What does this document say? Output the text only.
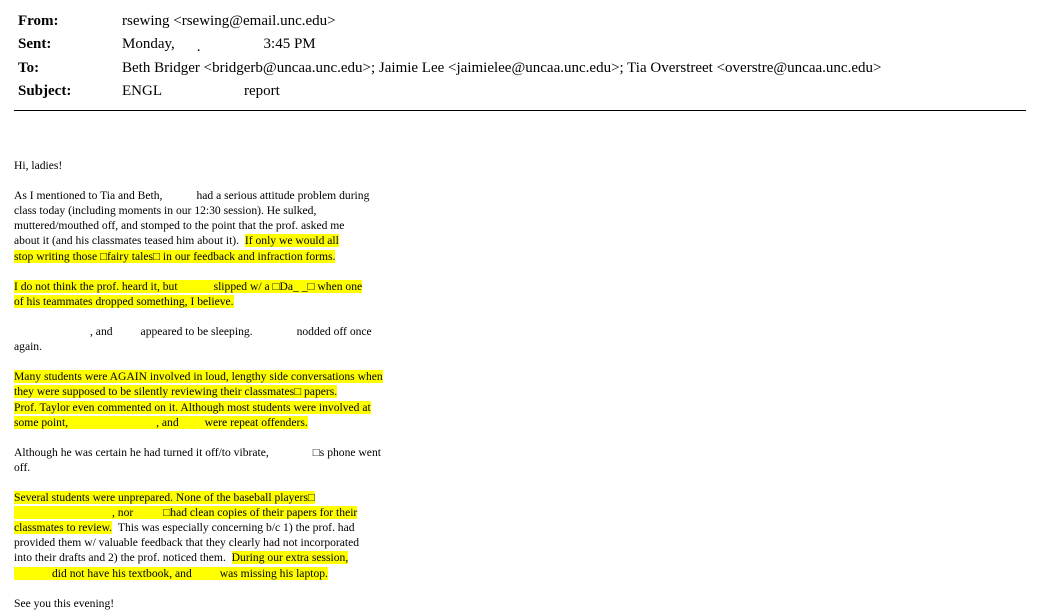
From:	rsewing <rsewing@email.unc.edu>
Sent:	Monday, .	3:45 PM
To:	Beth Bridger <bridgerb@uncaa.unc.edu>; Jaimie Lee <jaimielee@uncaa.unc.edu>; Tia Overstreet <overstre@uncaa.unc.edu>
Subject:	ENGL	report
Hi, ladies!
As I mentioned to Tia and Beth,	had a serious attitude problem during
class today (including moments in our 12:30 session). He sulked,
muttered/mouthed off, and stomped to the point that the prof. asked me
about it (and his classmates teased him about it). If only we would all
stop writing those □fairy tales□ in our feedback and infraction forms.
I do not think the prof. heard it, but	slipped w/ a □Da_ _□ when one
of his teammates dropped something, I believe.
, and appeared to be sleeping.	nodded off once
again.
Many students were AGAIN involved in loud, lengthy side conversations when
they were supposed to be silently reviewing their classmates□ papers.
Prof. Taylor even commented on it. Although most students were involved at
some point,	, and were repeat offenders.
Although he was certain he had turned it off/to vibrate,	□s phone went
off.
Several students were unprepared. None of the baseball players□
, nor	□had clean copies of their papers for their
classmates to review. This was especially concerning b/c 1) the prof. had
provided them w/ valuable feedback that they clearly had not incorporated
into their drafts and 2) the prof. noticed them. During our extra session,
did not have his textbook, and was missing his laptop.
See you this evening!
